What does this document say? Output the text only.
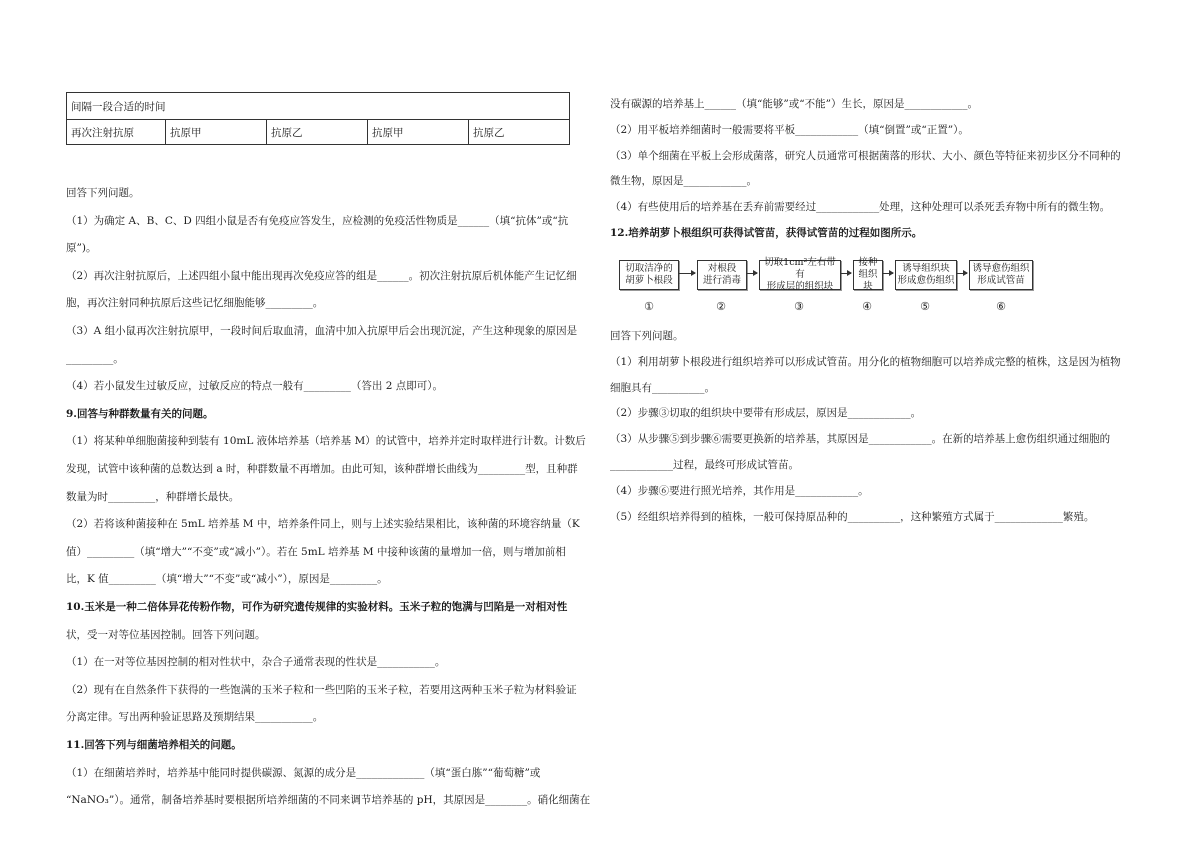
间隔一段合适的时间
再次注射抗原	抗原甲	抗原乙	抗原甲	抗原乙
回答下列问题。
（1）为确定 A、B、C、D 四组小鼠是否有免疫应答发生，应检测的免疫活性物质是______（填“抗体”或“抗
原”)。
（2）再次注射抗原后，上述四组小鼠中能出现再次免疫应答的组是______。初次注射抗原后机体能产生记忆细
胞，再次注射同种抗原后这些记忆细胞能够_________。
（3）A 组小鼠再次注射抗原甲，一段时间后取血清，血清中加入抗原甲后会出现沉淀，产生这种现象的原因是
_________。
（4）若小鼠发生过敏反应，过敏反应的特点一般有_________（答出 2 点即可）。
9.回答与种群数量有关的问题。
（1）将某种单细胞菌接种到装有 10mL 液体培养基（培养基 M）的试管中，培养并定时取样进行计数。计数后
发现，试管中该种菌的总数达到 a 时，种群数量不再增加。由此可知，该种群增长曲线为_________型，且种群
数量为时_________，种群增长最快。
（2）若将该种菌接种在 5mL 培养基 M 中，培养条件同上，则与上述实验结果相比，该种菌的环境容纳量（K
值）_________（填“增大”“不变”或“减小”）。若在 5mL 培养基 M 中接种该菌的量增加一倍，则与增加前相
比，K 值_________（填“增大”“不变”或“减小”），原因是_________。
10.玉米是一种二倍体异花传粉作物，可作为研究遗传规律的实验材料。玉米子粒的饱满与凹陷是一对相对性
状，受一对等位基因控制。回答下列问题。
（1）在一对等位基因控制的相对性状中，杂合子通常表现的性状是___________。
（2）现有在自然条件下获得的一些饱满的玉米子粒和一些凹陷的玉米子粒，若要用这两种玉米子粒为材料验证
分离定律。写出两种验证思路及预期结果___________。
11.回答下列与细菌培养相关的问题。
（1）在细菌培养时，培养基中能同时提供碳源、氮源的成分是_____________（填“蛋白胨”“葡萄糖”或
“NaNO₃”）。通常，制备培养基时要根据所培养细菌的不同来调节培养基的 pH，其原因是________。硝化细菌在
没有碳源的培养基上______（填“能够”或“不能”）生长，原因是____________。
（2）用平板培养细菌时一般需要将平板____________（填“倒置”或“正置”）。
（3）单个细菌在平板上会形成菌落，研究人员通常可根据菌落的形状、大小、颜色等特征来初步区分不同种的
微生物，原因是____________。
（4）有些使用后的培养基在丢弃前需要经过____________处理，这种处理可以杀死丢弃物中所有的微生物。
12.培养胡萝卜根组织可获得试管苗，获得试管苗的过程如图所示。
切取洁净的
胡萝卜根段
对根段
进行消毒
切取1cm²左右带有
形成层的组织块
接种
组织块
诱导组织块
形成愈伤组织
诱导愈伤组织
形成试管苗
①	②	③	④	⑤	⑥
回答下列问题。
（1）利用胡萝卜根段进行组织培养可以形成试管苗。用分化的植物细胞可以培养成完整的植株，这是因为植物
细胞具有__________。
（2）步骤③切取的组织块中要带有形成层，原因是____________。
（3）从步骤⑤到步骤⑥需要更换新的培养基，其原因是____________。在新的培养基上愈伤组织通过细胞的
____________过程，最终可形成试管苗。
（4）步骤⑥要进行照光培养，其作用是____________。
（5）经组织培养得到的植株，一般可保持原品种的__________，这种繁殖方式属于_____________繁殖。
